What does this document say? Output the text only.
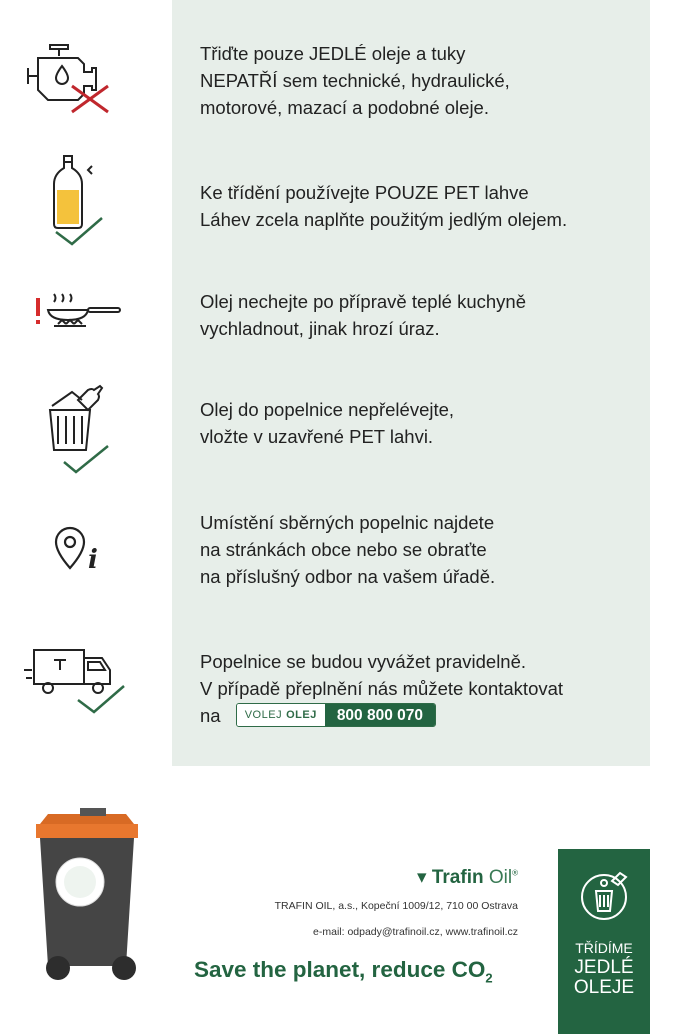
Třiďte pouze JEDLÉ oleje a tuky
NEPATŘÍ sem technické, hydraulické,
motorové, mazací a podobné oleje.
Ke třídění používejte POUZE PET lahve
Láhev zcela naplňte použitým jedlým olejem.
Olej nechejte po přípravě teplé kuchyně
vychladnout, jinak hrozí úraz.
Olej do popelnice nepřelévejte,
vložte v uzavřené PET lahvi.
i
Umístění sběrných popelnic najdete
na stránkách obce nebo se obraťte
na příslušný odbor na vašem úřadě.
Popelnice se budou vyvážet pravidelně.
V případě přeplnění nás můžete kontaktovat
na VOLEJ OLEJ	800 800 070
▾ Trafin Oil®
TRAFIN OIL, a.s., Kopeční 1009/12, 710 00 Ostrava
e-mail: odpady@trafinoil.cz, www.trafinoil.cz
Save the planet, reduce $CO_2$
TŘÍDÍME
JEDLÉ
OLEJE
